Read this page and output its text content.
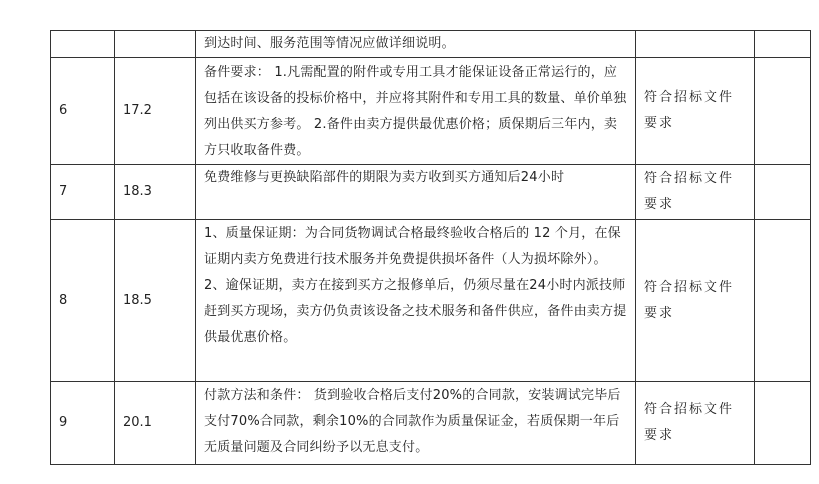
		到达时间、服务范围等情况应做详细说明。		

6	17.2	备件要求： 1.凡需配置的附件或专用工具才能保证设备正常运行的，应包括在该设备的投标价格中，并应将其附件和专用工具的数量、单价单独列出供买方参考。 2.备件由卖方提供最优惠价格；质保期后三年内，卖方只收取备件费。	符合招标文件要求	

7	18.3	免费维修与更换缺陷部件的期限为卖方收到买方通知后24小时	符合招标文件要求	

8	18.5	1、质量保证期：为合同货物调试合格最终验收合格后的 12 个月，在保证期内卖方免费进行技术服务并免费提供损坏备件（人为损坏除外）。 2、逾保证期，卖方在接到买方之报修单后，仍须尽量在24小时内派技师赶到买方现场，卖方仍负责该设备之技术服务和备件供应，备件由卖方提供最优惠价格。	符合招标文件要求	

9	20.1	付款方法和条件： 货到验收合格后支付20%的合同款，安装调试完毕后支付70%合同款，剩余10%的合同款作为质量保证金，若质保期一年后无质量问题及合同纠纷予以无息支付。	符合招标文件要求	
